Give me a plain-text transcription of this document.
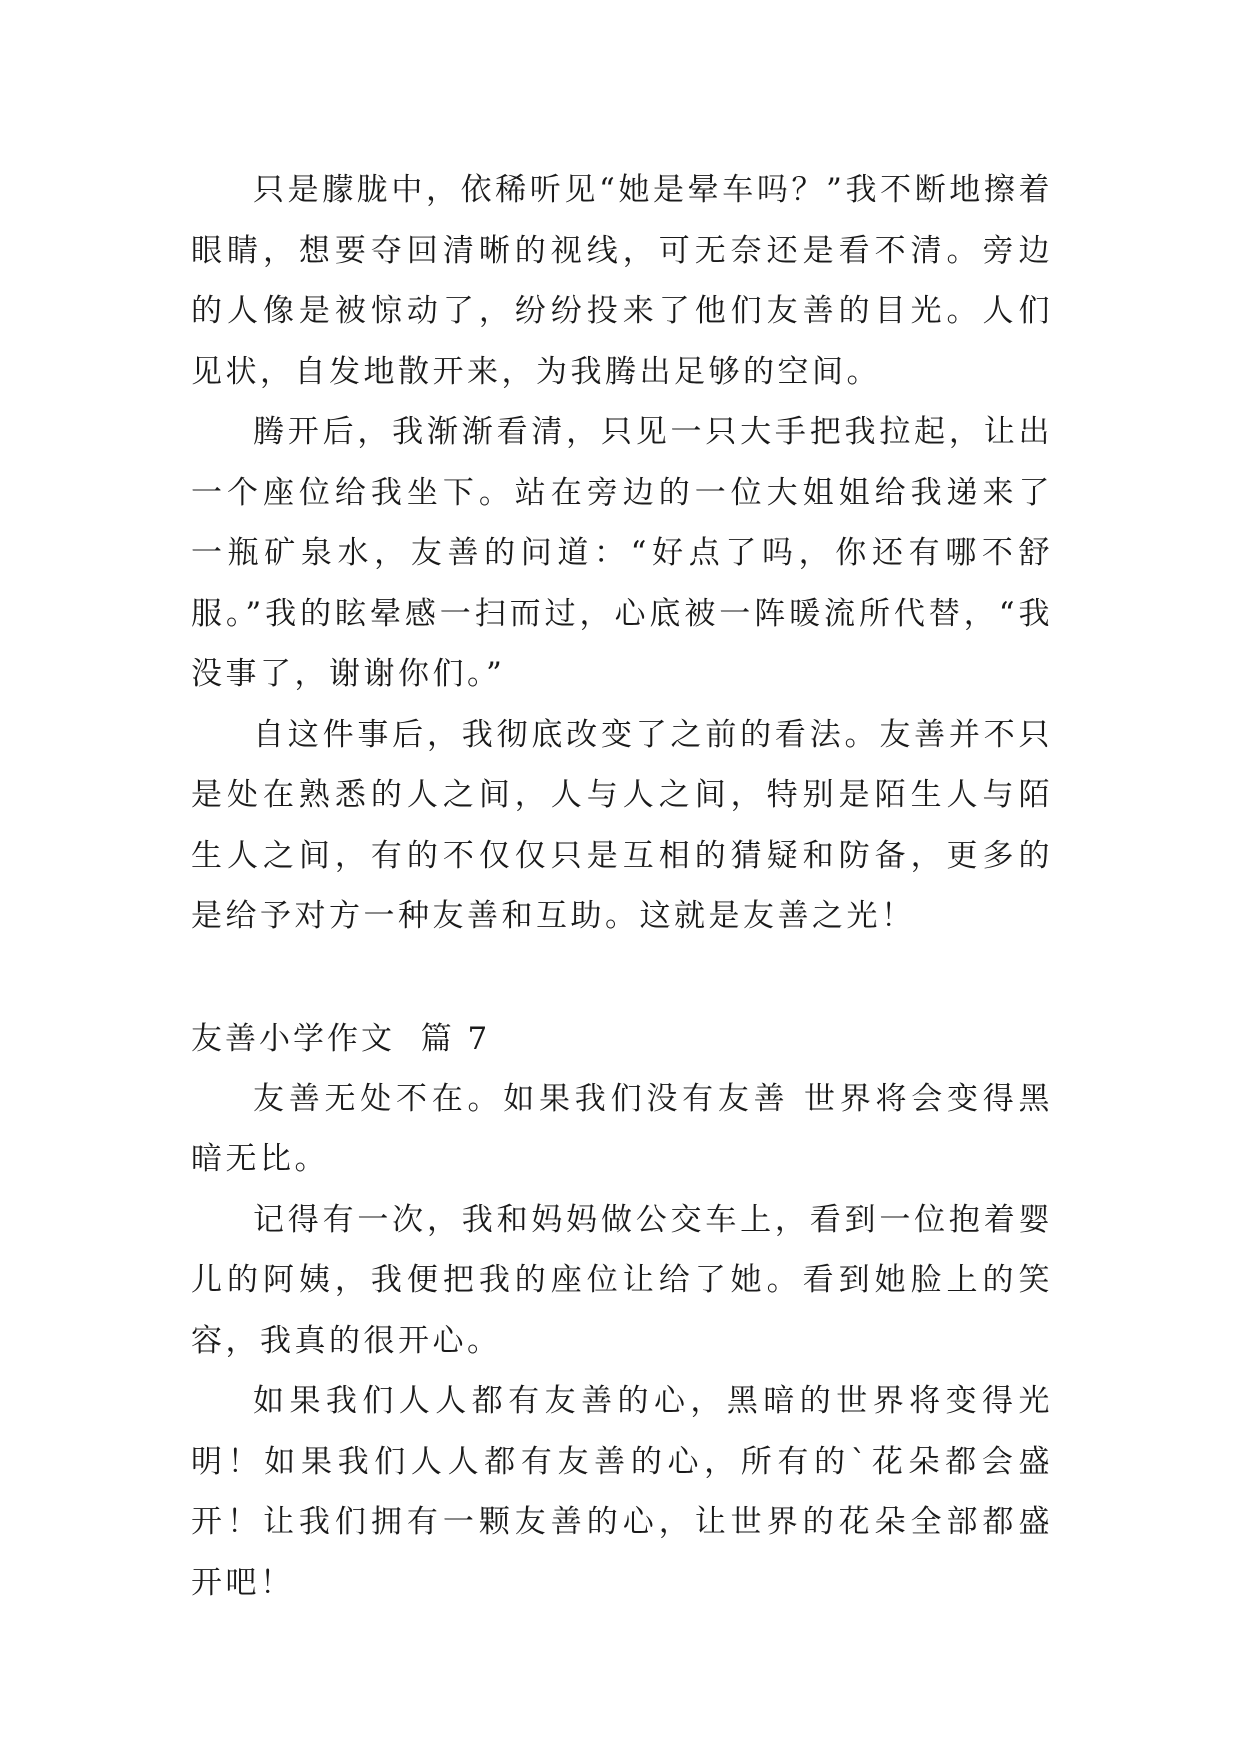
只是朦胧中，依稀听见“她是晕车吗？”我不断地擦着眼睛，想要夺回清晰的视线，可无奈还是看不清。旁边的人像是被惊动了，纷纷投来了他们友善的目光。人们见状，自发地散开来，为我腾出足够的空间。

腾开后，我渐渐看清，只见一只大手把我拉起，让出一个座位给我坐下。站在旁边的一位大姐姐给我递来了一瓶矿泉水，友善的问道：“好点了吗，你还有哪不舒服。”我的眩晕感一扫而过，心底被一阵暖流所代替，“我没事了，谢谢你们。”

自这件事后，我彻底改变了之前的看法。友善并不只是处在熟悉的人之间，人与人之间，特别是陌生人与陌生人之间，有的不仅仅只是互相的猜疑和防备，更多的是给予对方一种友善和互助。这就是友善之光！

友善小学作文  篇 7

友善无处不在。如果我们没有友善 世界将会变得黑暗无比。

记得有一次，我和妈妈做公交车上，看到一位抱着婴儿的阿姨，我便把我的座位让给了她。看到她脸上的笑容，我真的很开心。

如果我们人人都有友善的心，黑暗的世界将变得光明！如果我们人人都有友善的心，所有的`花朵都会盛开！让我们拥有一颗友善的心，让世界的花朵全部都盛开吧！
